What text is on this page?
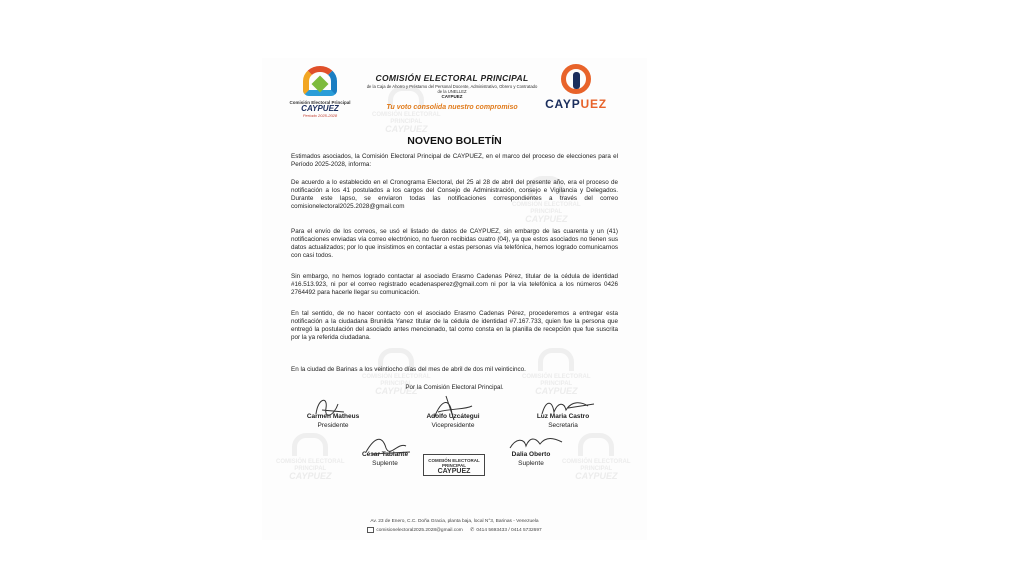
COMISIÓN ELECTORAL
PRINCIPAL
CAYPUEZ
COMISIÓN ELECTORAL
PRINCIPAL
CAYPUEZ
COMISIÓN ELECTORAL
PRINCIPAL
CAYPUEZ
COMISIÓN ELECTORAL
PRINCIPAL
CAYPUEZ
COMISIÓN ELECTORAL
PRINCIPAL
CAYPUEZ
COMISIÓN ELECTORAL
PRINCIPAL
CAYPUEZ
Comisión Electoral Principal
CAYPUEZ
Período 2025-2028
COMISIÓN ELECTORAL PRINCIPAL
de la Caja de Ahorro y Préstamo del Personal Docente, Administrativo, Obrero y Contratado de la UNELLEZ
CAYPUEZ
Tu voto consolida nuestro compromiso	CAYPUEZ
NOVENO BOLETÍN
Estimados asociados, la Comisión Electoral Principal de CAYPUEZ, en el marco del proceso de elecciones para el Período 2025-2028, informa:
De acuerdo a lo establecido en el Cronograma Electoral, del 25 al 28 de abril del presente año, era el proceso de notificación a los 41 postulados a los cargos del Consejo de Administración, consejo e Vigilancia y Delegados. Durante este lapso, se enviaron todas las notificaciones correspondientes a través del correo comisionelectoral2025.2028@gmail.com
Para el envío de los correos, se usó el listado de datos de CAYPUEZ, sin embargo de las cuarenta y un (41) notificaciones enviadas vía correo electrónico, no fueron recibidas cuatro (04), ya que estos asociados no tienen sus datos actualizados; por lo que insistimos en contactar a estas personas vía telefónica, hemos logrado comunicarnos con casi todos.
Sin embargo, no hemos logrado contactar al asociado Erasmo Cadenas Pérez, titular de la cédula de identidad #16.513.923, ni por el correo registrado ecadenasperez@gmail.com ni por la vía telefónica a los números 0426 2764492 para hacerle llegar su comunicación.
En tal sentido, de no hacer contacto con el asociado Erasmo Cadenas Pérez, procederemos a entregar esta notificación a la ciudadana Brunilda Yanez titular de la cédula de identidad #7.167.733, quien fue la persona que entregó la postulación del asociado antes mencionado, tal como consta en la planilla de recepción que fue suscrita por la ya referida ciudadana.
En la ciudad de Barinas a los veintiocho días del mes de abril de dos mil veinticinco.
Por la Comisión Electoral Principal.
Carmen Matheus
Presidente
Adolfo Uzcátegui
Vicepresidente
Luz Maria Castro
Secretaria
César Tablante
Suplente
Dalia Oberto
Suplente
COMISIÓN ELECTORAL PRINCIPAL
CAYPUEZ
Av. 23 de Enero, C.C. Doña Gracia, planta baja, local N°3, Barinas - Venezuela
comisionelectoral2025.2028@gmail.com ✆ 0414 5693433 / 0414 5732697
